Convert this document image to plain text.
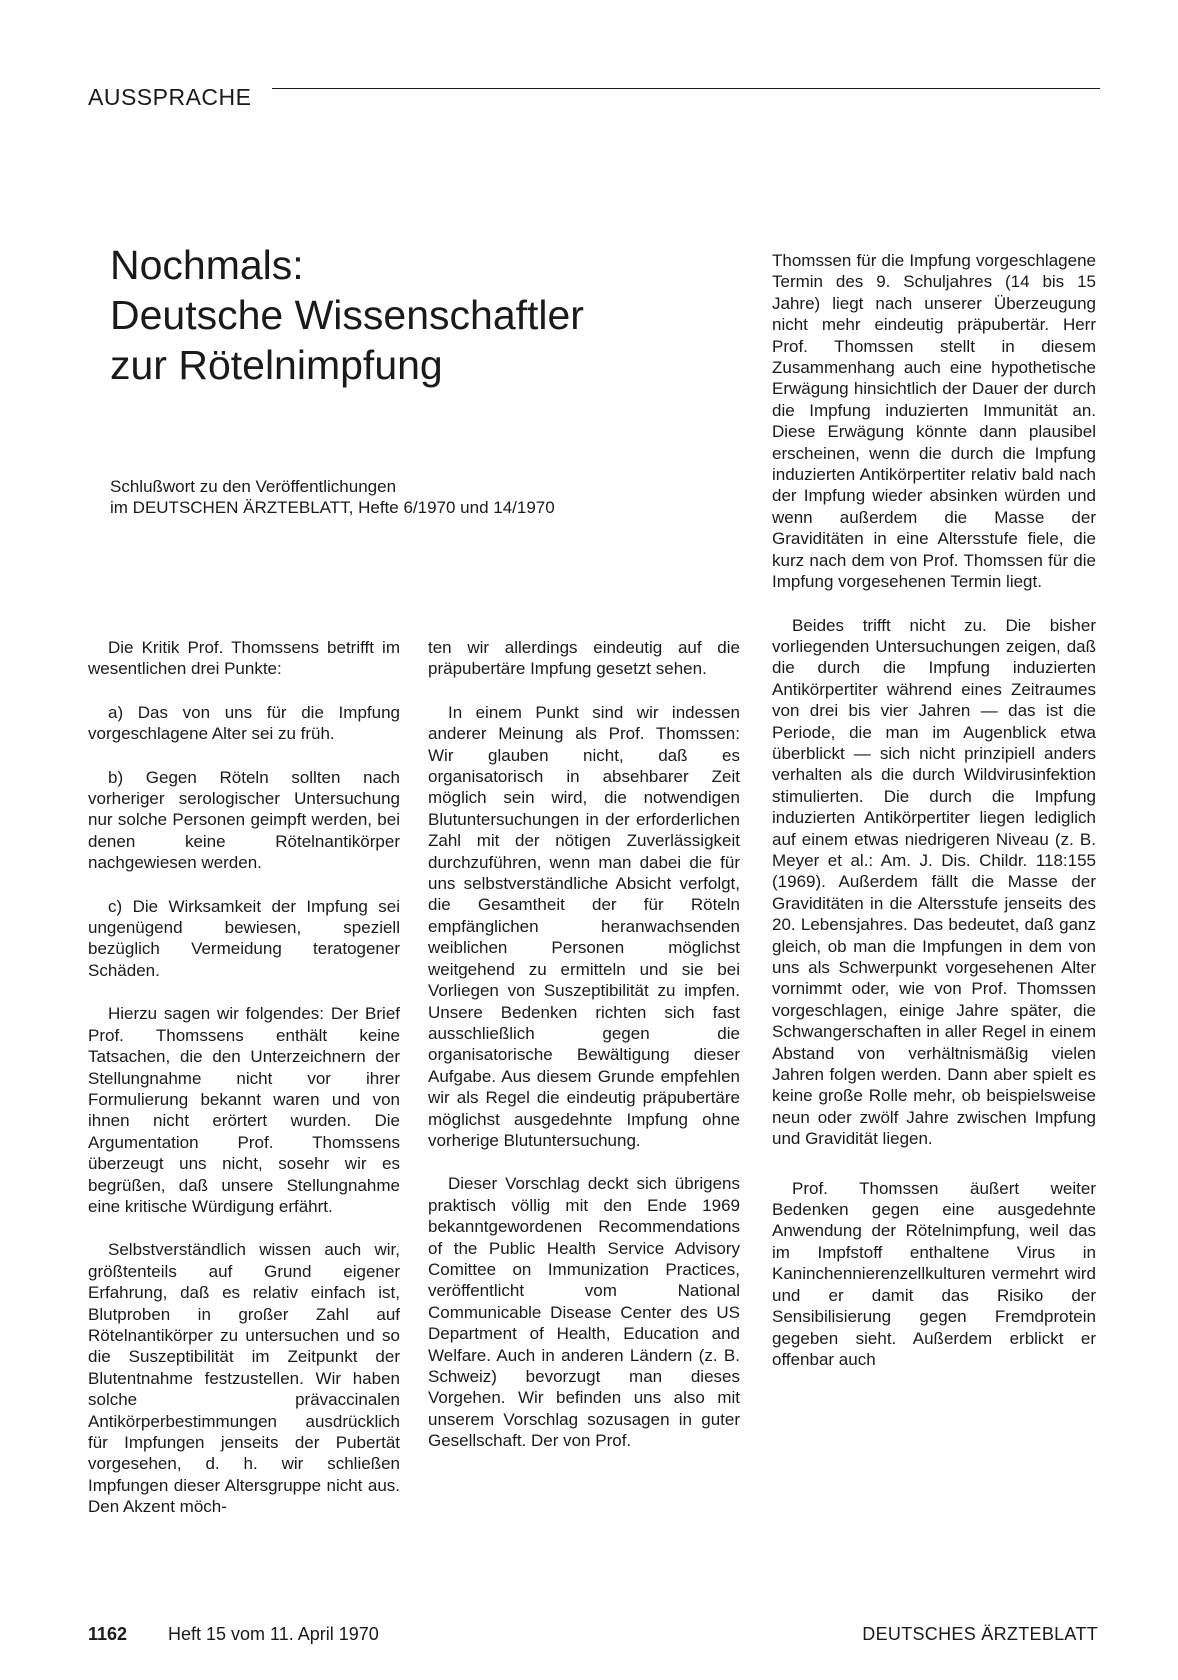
AUSSPRACHE
Nochmals:
Deutsche Wissenschaftler
zur Rötelnimpfung
Schlußwort zu den Veröffentlichungen
im DEUTSCHEN ÄRZTEBLATT, Hefte 6/1970 und 14/1970

Die Kritik Prof. Thomssens betrifft im wesentlichen drei Punkte:

a) Das von uns für die Impfung vorgeschlagene Alter sei zu früh.

b) Gegen Röteln sollten nach vorheriger serologischer Untersuchung nur solche Personen geimpft werden, bei denen keine Rötelnantikörper nachgewiesen werden.

c) Die Wirksamkeit der Impfung sei ungenügend bewiesen, speziell bezüglich Vermeidung teratogener Schäden.

Hierzu sagen wir folgendes: Der Brief Prof. Thomssens enthält keine Tatsachen, die den Unterzeichnern der Stellungnahme nicht vor ihrer Formulierung bekannt waren und von ihnen nicht erörtert wurden. Die Argumentation Prof. Thomssens überzeugt uns nicht, sosehr wir es begrüßen, daß unsere Stellungnahme eine kritische Würdigung erfährt.

Selbstverständlich wissen auch wir, größtenteils auf Grund eigener Erfahrung, daß es relativ einfach ist, Blutproben in großer Zahl auf Rötelnantikörper zu untersuchen und so die Suszeptibilität im Zeitpunkt der Blutentnahme festzustellen. Wir haben solche prävaccinalen Antikörperbestimmungen ausdrücklich für Impfungen jenseits der Pubertät vorgesehen, d. h. wir schließen Impfungen dieser Altersgruppe nicht aus. Den Akzent möch-

ten wir allerdings eindeutig auf die präpubertäre Impfung gesetzt sehen.

In einem Punkt sind wir indessen anderer Meinung als Prof. Thomssen: Wir glauben nicht, daß es organisatorisch in absehbarer Zeit möglich sein wird, die notwendigen Blutuntersuchungen in der erforderlichen Zahl mit der nötigen Zuverlässigkeit durchzuführen, wenn man dabei die für uns selbstverständliche Absicht verfolgt, die Gesamtheit der für Röteln empfänglichen heranwachsenden weiblichen Personen möglichst weitgehend zu ermitteln und sie bei Vorliegen von Suszeptibilität zu impfen. Unsere Bedenken richten sich fast ausschließlich gegen die organisatorische Bewältigung dieser Aufgabe. Aus diesem Grunde empfehlen wir als Regel die eindeutig präpubertäre möglichst ausgedehnte Impfung ohne vorherige Blutuntersuchung.

Dieser Vorschlag deckt sich übrigens praktisch völlig mit den Ende 1969 bekanntgewordenen Recommendations of the Public Health Service Advisory Comittee on Immunization Practices, veröffentlicht vom National Communicable Disease Center des US Department of Health, Education and Welfare. Auch in anderen Ländern (z. B. Schweiz) bevorzugt man dieses Vorgehen. Wir befinden uns also mit unserem Vorschlag sozusagen in guter Gesellschaft. Der von Prof.

Thomssen für die Impfung vorgeschlagene Termin des 9. Schuljahres (14 bis 15 Jahre) liegt nach unserer Überzeugung nicht mehr eindeutig präpubertär. Herr Prof. Thomssen stellt in diesem Zusammenhang auch eine hypothetische Erwägung hinsichtlich der Dauer der durch die Impfung induzierten Immunität an. Diese Erwägung könnte dann plausibel erscheinen, wenn die durch die Impfung induzierten Antikörpertiter relativ bald nach der Impfung wieder absinken würden und wenn außerdem die Masse der Graviditäten in eine Altersstufe fiele, die kurz nach dem von Prof. Thomssen für die Impfung vorgesehenen Termin liegt.

Beides trifft nicht zu. Die bisher vorliegenden Untersuchungen zeigen, daß die durch die Impfung induzierten Antikörpertiter während eines Zeitraumes von drei bis vier Jahren — das ist die Periode, die man im Augenblick etwa überblickt — sich nicht prinzipiell anders verhalten als die durch Wildvirusinfektion stimulierten. Die durch die Impfung induzierten Antikörpertiter liegen lediglich auf einem etwas niedrigeren Niveau (z. B. Meyer et al.: Am. J. Dis. Childr. 118:155 (1969). Außerdem fällt die Masse der Graviditäten in die Altersstufe jenseits des 20. Lebensjahres. Das bedeutet, daß ganz gleich, ob man die Impfungen in dem von uns als Schwerpunkt vorgesehenen Alter vornimmt oder, wie von Prof. Thomssen vorgeschlagen, einige Jahre später, die Schwangerschaften in aller Regel in einem Abstand von verhältnismäßig vielen Jahren folgen werden. Dann aber spielt es keine große Rolle mehr, ob beispielsweise neun oder zwölf Jahre zwischen Impfung und Gravidität liegen.

Prof. Thomssen äußert weiter Bedenken gegen eine ausgedehnte Anwendung der Rötelnimpfung, weil das im Impfstoff enthaltene Virus in Kaninchennierenzellkulturen vermehrt wird und er damit das Risiko der Sensibilisierung gegen Fremdprotein gegeben sieht. Außerdem erblickt er offenbar auch

1162 Heft 15 vom 11. April 1970	DEUTSCHES ÄRZTEBLATT
